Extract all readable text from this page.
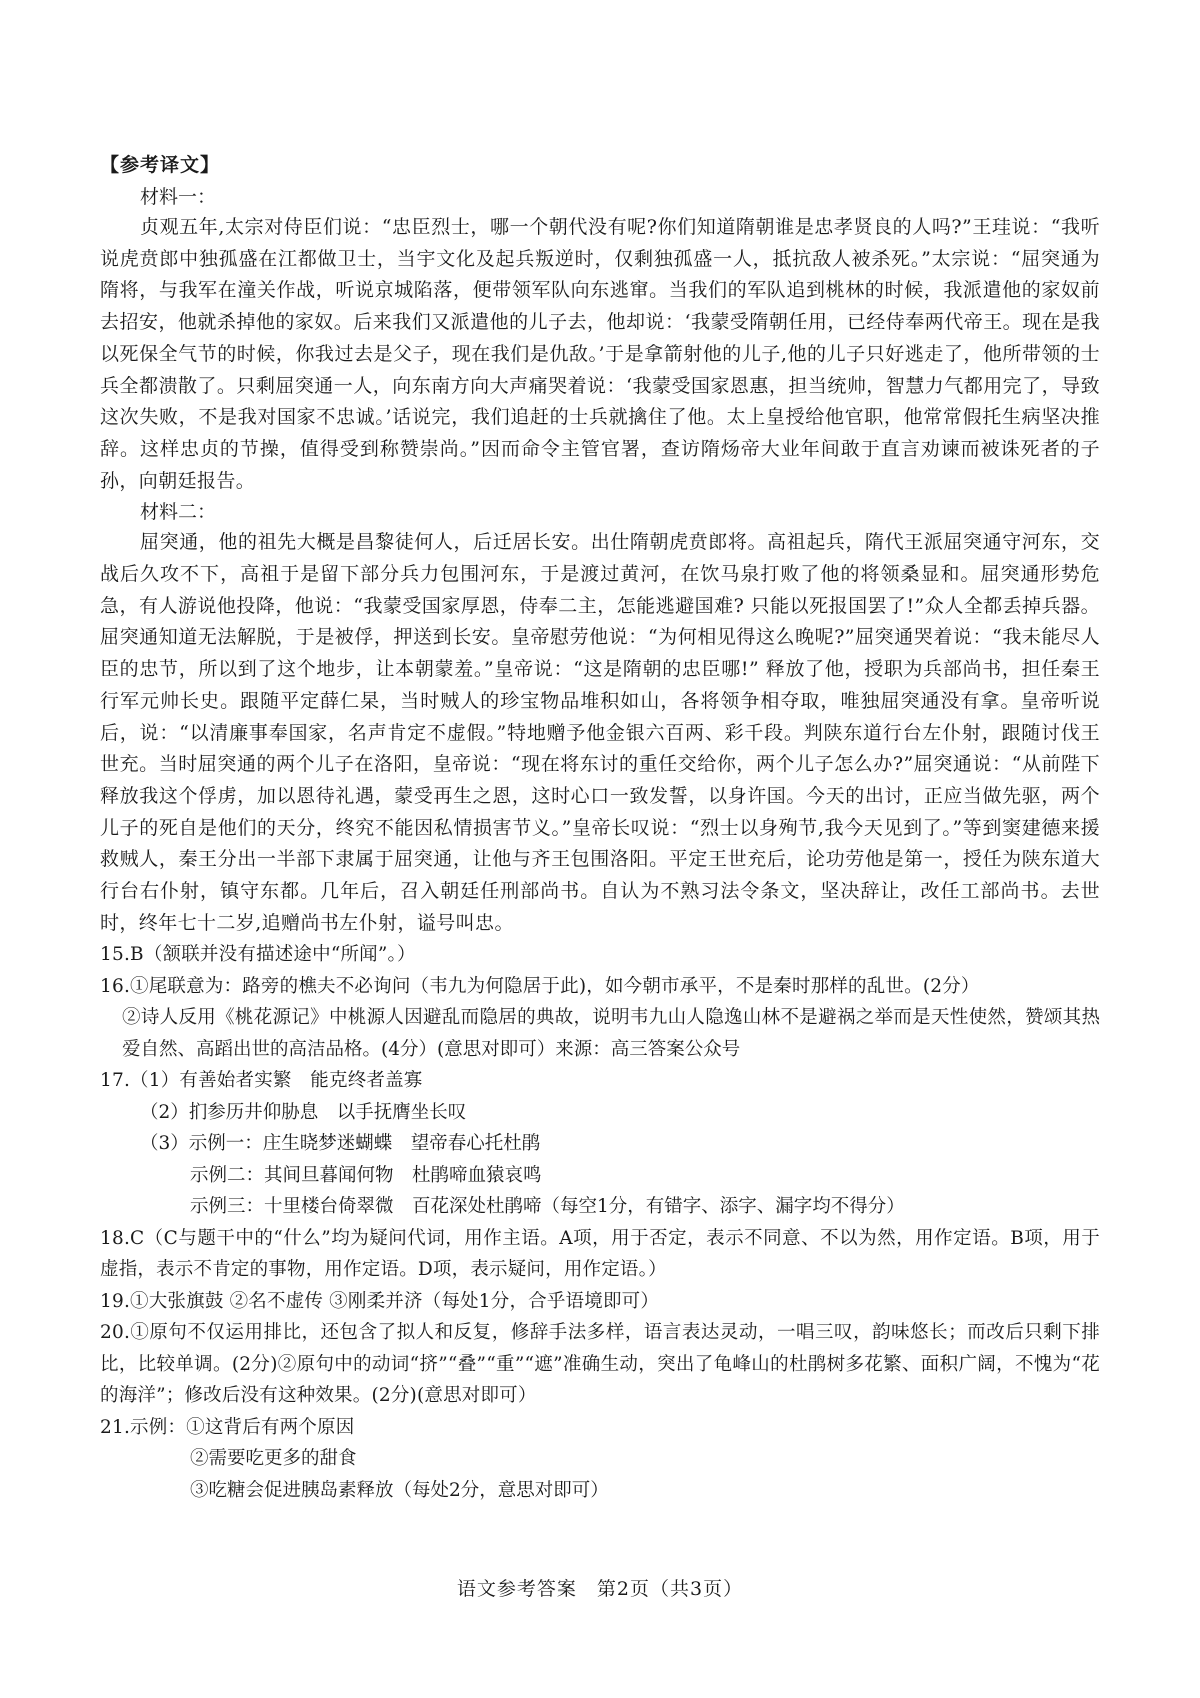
【参考译文】

材料一：

贞观五年,太宗对侍臣们说：“忠臣烈士，哪一个朝代没有呢?你们知道隋朝谁是忠孝贤良的人吗?”王珪说：“我听说虎贲郎中独孤盛在江都做卫士，当宇文化及起兵叛逆时，仅剩独孤盛一人，抵抗敌人被杀死。”太宗说：“屈突通为隋将，与我军在潼关作战，听说京城陷落，便带领军队向东逃窜。当我们的军队追到桃林的时候，我派遣他的家奴前去招安，他就杀掉他的家奴。后来我们又派遣他的儿子去，他却说：‘我蒙受隋朝任用，已经侍奉两代帝王。现在是我以死保全气节的时候，你我过去是父子，现在我们是仇敌。’于是拿箭射他的儿子,他的儿子只好逃走了，他所带领的士兵全都溃散了。只剩屈突通一人，向东南方向大声痛哭着说：‘我蒙受国家恩惠，担当统帅，智慧力气都用完了，导致这次失败，不是我对国家不忠诚。’话说完，我们追赶的士兵就擒住了他。太上皇授给他官职，他常常假托生病坚决推辞。这样忠贞的节操，值得受到称赞崇尚。”因而命令主管官署，查访隋炀帝大业年间敢于直言劝谏而被诛死者的子孙，向朝廷报告。

材料二：

屈突通，他的祖先大概是昌黎徒何人，后迁居长安。出仕隋朝虎贲郎将。高祖起兵，隋代王派屈突通守河东，交战后久攻不下，高祖于是留下部分兵力包围河东，于是渡过黄河，在饮马泉打败了他的将领桑显和。屈突通形势危急，有人游说他投降，他说：“我蒙受国家厚恩，侍奉二主，怎能逃避国难? 只能以死报国罢了!”众人全都丢掉兵器。屈突通知道无法解脱，于是被俘，押送到长安。皇帝慰劳他说：“为何相见得这么晚呢?”屈突通哭着说：“我未能尽人臣的忠节，所以到了这个地步，让本朝蒙羞。”皇帝说：“这是隋朝的忠臣哪!” 释放了他，授职为兵部尚书，担任秦王行军元帅长史。跟随平定薛仁杲，当时贼人的珍宝物品堆积如山，各将领争相夺取，唯独屈突通没有拿。皇帝听说后，说：“以清廉事奉国家，名声肯定不虚假。”特地赠予他金银六百两、彩千段。判陕东道行台左仆射，跟随讨伐王世充。当时屈突通的两个儿子在洛阳，皇帝说：“现在将东讨的重任交给你，两个儿子怎么办?”屈突通说：“从前陛下释放我这个俘虏，加以恩待礼遇，蒙受再生之恩，这时心口一致发誓，以身许国。今天的出讨，正应当做先驱，两个儿子的死自是他们的天分，终究不能因私情损害节义。”皇帝长叹说：“烈士以身殉节,我今天见到了。”等到窦建德来援救贼人，秦王分出一半部下隶属于屈突通，让他与齐王包围洛阳。平定王世充后，论功劳他是第一，授任为陕东道大行台右仆射，镇守东都。几年后，召入朝廷任刑部尚书。自认为不熟习法令条文，坚决辞让，改任工部尚书。去世时，终年七十二岁,追赠尚书左仆射，谥号叫忠。

15.B（颔联并没有描述途中“所闻”。）

16.①尾联意为：路旁的樵夫不必询问（韦九为何隐居于此)，如今朝市承平，不是秦时那样的乱世。(2分）

②诗人反用《桃花源记》中桃源人因避乱而隐居的典故，说明韦九山人隐逸山林不是避祸之举而是天性使然，赞颂其热爱自然、高蹈出世的高洁品格。(4分）(意思对即可）来源：高三答案公众号

17.（1）有善始者实繁　能克终者盖寡

（2）扪参历井仰胁息　以手抚膺坐长叹

（3）示例一：庄生晓梦迷蝴蝶　望帝春心托杜鹃

示例二：其间旦暮闻何物　杜鹃啼血猿哀鸣

示例三：十里楼台倚翠微　百花深处杜鹃啼（每空1分，有错字、添字、漏字均不得分）

18.C（C与题干中的“什么”均为疑问代词，用作主语。A项，用于否定，表示不同意、不以为然，用作定语。B项，用于虚指，表示不肯定的事物，用作定语。D项，表示疑问，用作定语。）

19.①大张旗鼓 ②名不虚传 ③刚柔并济（每处1分，合乎语境即可）

20.①原句不仅运用排比，还包含了拟人和反复，修辞手法多样，语言表达灵动，一唱三叹，韵味悠长；而改后只剩下排比，比较单调。(2分)②原句中的动词“挤”“叠”“重”“遮”准确生动，突出了龟峰山的杜鹃树多花繁、面积广阔，不愧为“花的海洋”；修改后没有这种效果。(2分)(意思对即可）

21.示例：①这背后有两个原因

②需要吃更多的甜食

③吃糖会促进胰岛素释放（每处2分，意思对即可）

语文参考答案　第2页（共3页）
